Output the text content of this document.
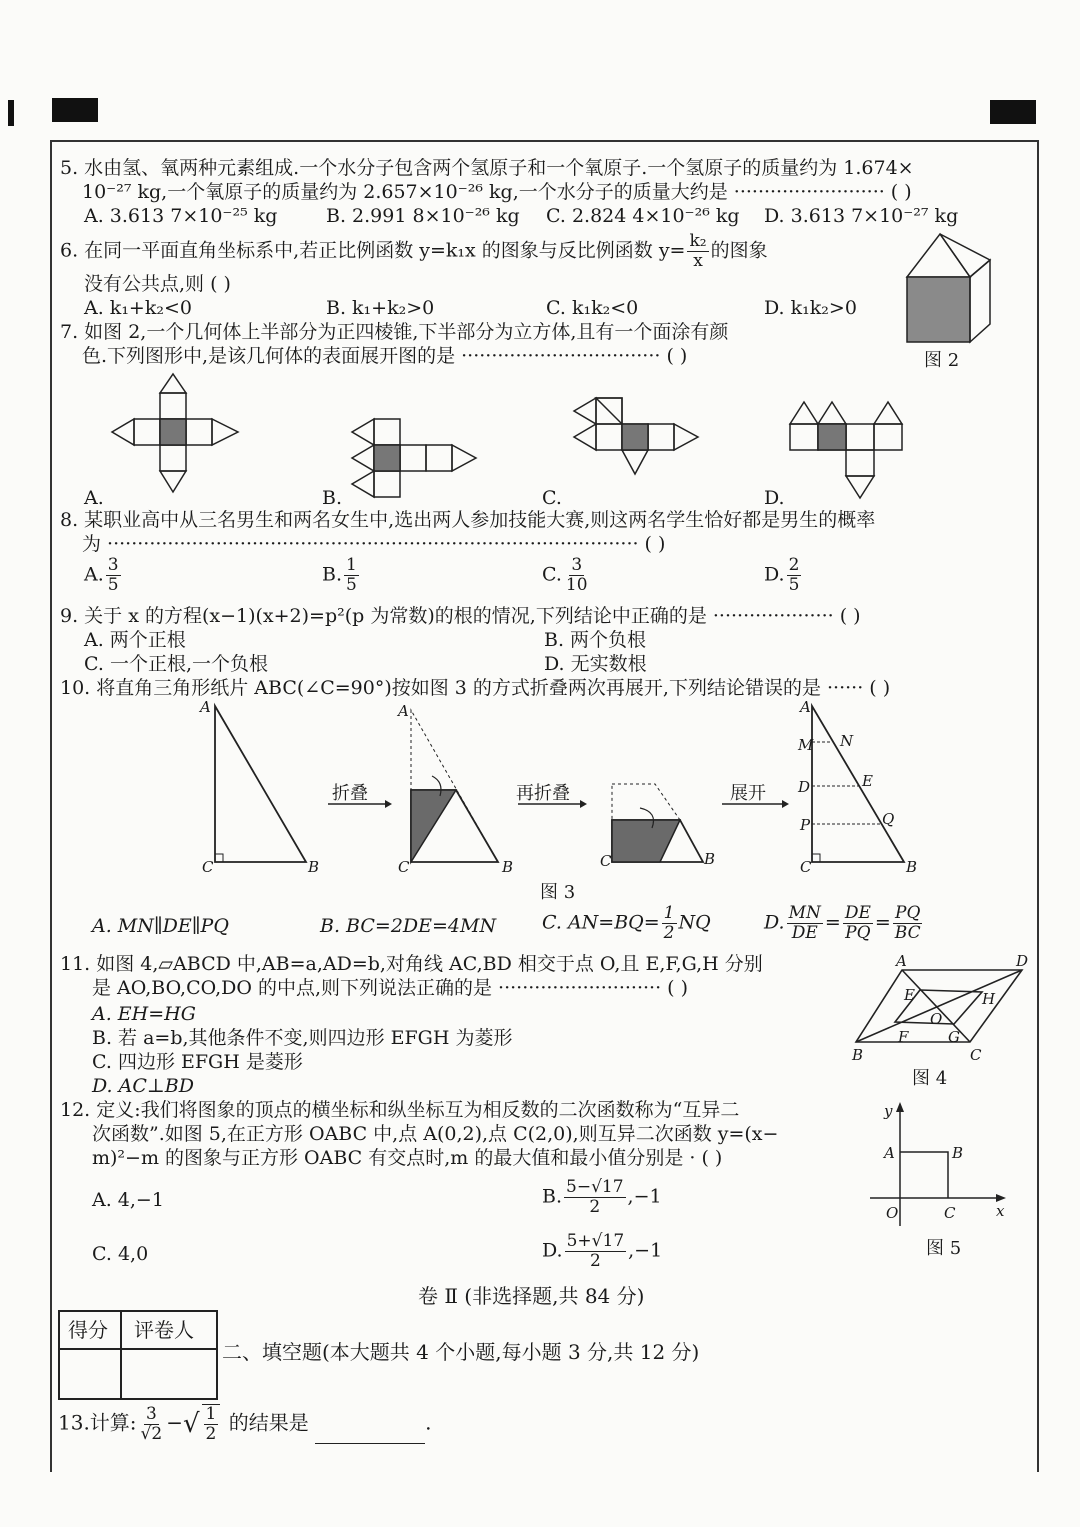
5. 水由氢、氧两种元素组成.一个水分子包含两个氢原子和一个氧原子.一个氢原子的质量约为 1.674×
10⁻²⁷ kg,一个氧原子的质量约为 2.657×10⁻²⁶ kg,一个水分子的质量大约是 ························· ( )
A. 3.613 7×10⁻²⁵ kg	B. 2.991 8×10⁻²⁶ kg C. 2.824 4×10⁻²⁶ kg D. 3.613 7×10⁻²⁷ kg
6. 在同一平面直角坐标系中,若正比例函数 y=k₁x 的图象与反比例函数 $y= \frac{\text{k₂}}{x}$ 的图象
没有公共点,则 ( )
A. k₁+k₂<0	B. k₁+k₂>0	C. k₁k₂<0	D. k₁k₂>0
图 2
7. 如图 2,一个几何体上半部分为正四棱锥,下半部分为立方体,且有一个面涂有颜
色.下列图形中,是该几何体的表面展开图的是 ································· ( )
A.	B.	C.	D.
8. 某职业高中从三名男生和两名女生中,选出两人参加技能大赛,则这两名学生恰好都是男生的概率
为 ························································································ ( )
A. $\frac{3}{5}$	B. $\frac{1}{5}$	C. $\frac{3}{10}$	D. $\frac{2}{5}$
9. 关于 x 的方程(x−1)(x+2)=p²(p 为常数)的根的情况,下列结论中正确的是 ···················· ( )
A. 两个正根	B. 两个负根
C. 一个正根,一个负根	D. 无实数根
10. 将直角三角形纸片 ABC(∠C=90°)按如图 3 的方式折叠两次再展开,下列结论错误的是 ······ ( )
A
C	B
折叠
A
C	B
再折叠
C	B
展开
A
M N
D	E
P	Q
C	B
图 3
A. MN∥DE∥PQ	B. BC=2DE=4MN C. $AN=BQ= \frac{1}{2}$ NQ	D. $\frac{MN}{DE} = \frac{DE}{PQ} = \frac{PQ}{BC}$
11. 如图 4,▱ABCD 中,AB=a,AD=b,对角线 AC,BD 相交于点 O,且 E,F,G,H 分别
是 AO,BO,CO,DO 的中点,则下列说法正确的是 ··························· ( )
A. EH=HG
B. 若 a=b,其他条件不变,则四边形 EFGH 为菱形
C. 四边形 EFGH 是菱形
D. AC⊥BD
A	D
E	H
O
F	G
B	C
图 4
12. 定义:我们将图象的顶点的横坐标和纵坐标互为相反数的二次函数称为“互异二
次函数”.如图 5,在正方形 OABC 中,点 A(0,2),点 C(2,0),则互异二次函数 y=(x−
m)²−m 的图象与正方形 OABC 有交点时,m 的最大值和最小值分别是 · ( )
A. 4,−1	B. $\frac{5-√17}{2} ,-1$
C. 4,0	D. $\frac{5+√17}{2} ,-1$
y
A	B
O	C	x
图 5
卷 Ⅱ (非选择题,共 84 分)
得分 评卷人
二、填空题(本大题共 4 个小题,每小题 3 分,共 12 分)
13.计算: $\frac{3}{√2}$ − √ $\frac{1}{2}$ 的结果是	.
